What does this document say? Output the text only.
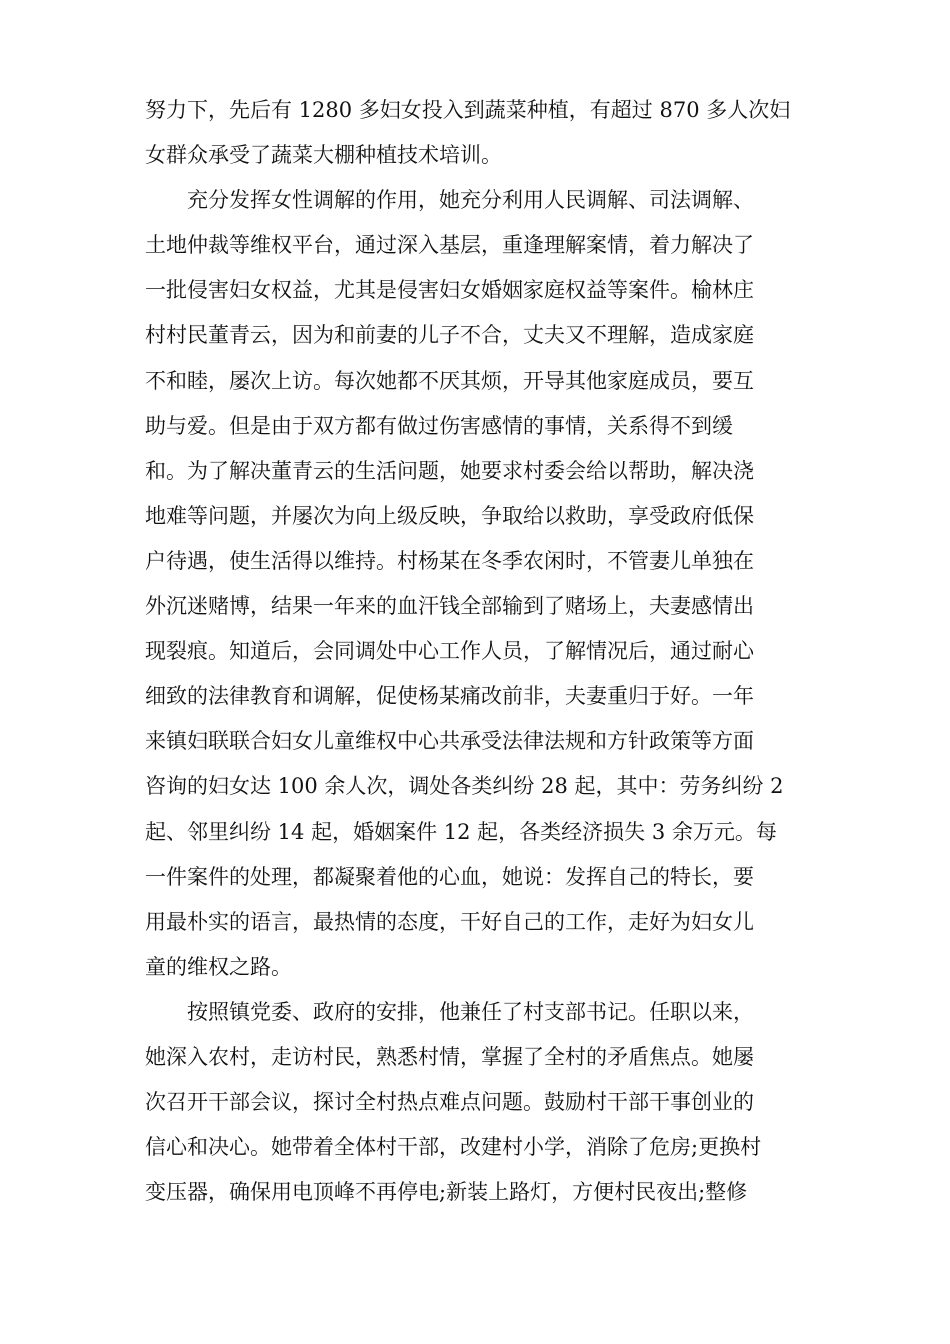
努力下，先后有 1280 多妇女投入到蔬菜种植，有超过 870 多人次妇
女群众承受了蔬菜大棚种植技术培训。
　　充分发挥女性调解的作用，她充分利用人民调解、司法调解、
土地仲裁等维权平台，通过深入基层，重逢理解案情，着力解决了
一批侵害妇女权益，尤其是侵害妇女婚姻家庭权益等案件。榆林庄
村村民董青云，因为和前妻的儿子不合，丈夫又不理解，造成家庭
不和睦，屡次上访。每次她都不厌其烦，开导其他家庭成员，要互
助与爱。但是由于双方都有做过伤害感情的事情，关系得不到缓
和。为了解决董青云的生活问题，她要求村委会给以帮助，解决浇
地难等问题，并屡次为向上级反映，争取给以救助，享受政府低保
户待遇，使生活得以维持。村杨某在冬季农闲时，不管妻儿单独在
外沉迷赌博，结果一年来的血汗钱全部输到了赌场上，夫妻感情出
现裂痕。知道后，会同调处中心工作人员，了解情况后，通过耐心
细致的法律教育和调解，促使杨某痛改前非，夫妻重归于好。一年
来镇妇联联合妇女儿童维权中心共承受法律法规和方针政策等方面
咨询的妇女达 100 余人次，调处各类纠纷 28 起，其中：劳务纠纷 2
起、邻里纠纷 14 起，婚姻案件 12 起，各类经济损失 3 余万元。每
一件案件的处理，都凝聚着他的心血，她说：发挥自己的特长，要
用最朴实的语言，最热情的态度，干好自己的工作，走好为妇女儿
童的维权之路。
　　按照镇党委、政府的安排，他兼任了村支部书记。任职以来，
她深入农村，走访村民，熟悉村情，掌握了全村的矛盾焦点。她屡
次召开干部会议，探讨全村热点难点问题。鼓励村干部干事创业的
信心和决心。她带着全体村干部，改建村小学，消除了危房;更换村
变压器，确保用电顶峰不再停电;新装上路灯，方便村民夜出;整修
